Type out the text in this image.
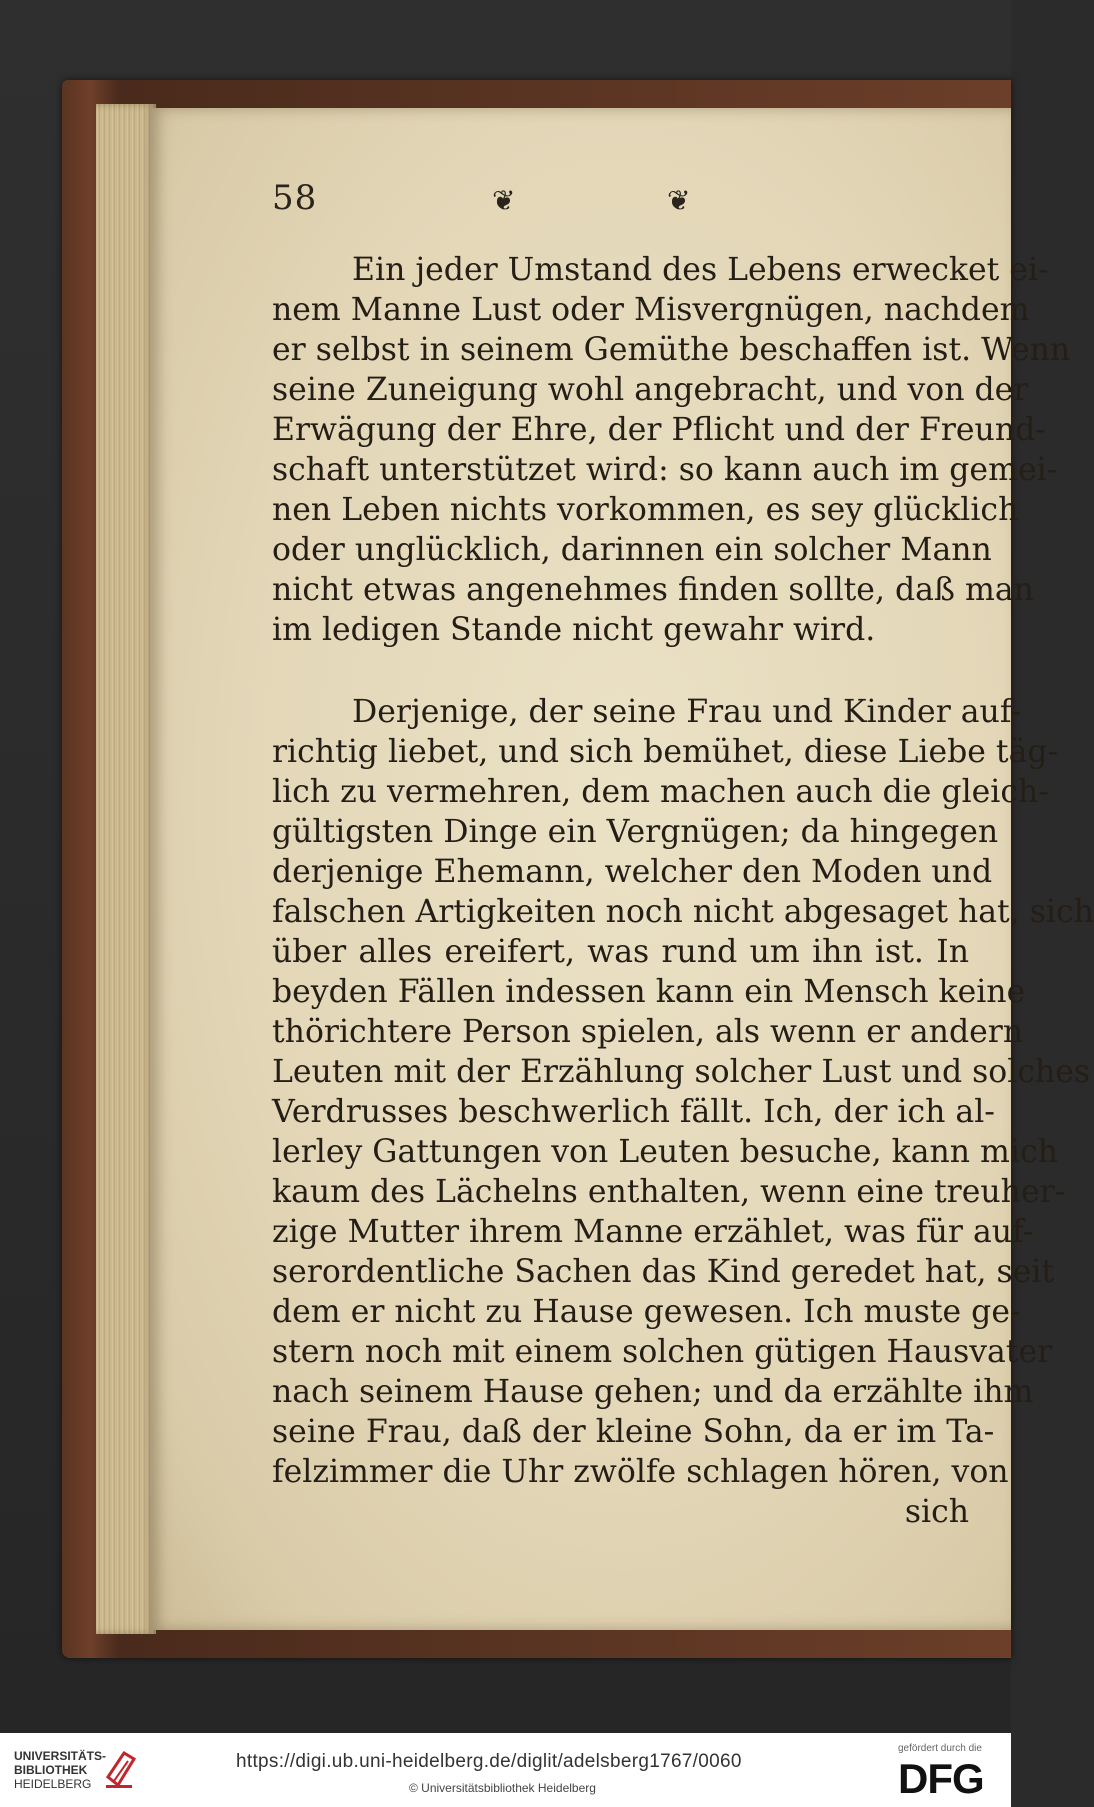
58	❦	❦

Ein jeder Umstand des Lebens erwecket ei-
nem Manne Lust oder Misvergnügen, nachdem
er selbst in seinem Gemüthe beschaffen ist. Wenn
seine Zuneigung wohl angebracht, und von der
Erwägung der Ehre, der Pflicht und der Freund-
schaft unterstützet wird: so kann auch im gemei-
nen Leben nichts vorkommen, es sey glücklich
oder unglücklich, darinnen ein solcher Mann
nicht etwas angenehmes finden sollte, daß man
im ledigen Stande nicht gewahr wird.

Derjenige, der seine Frau und Kinder auf-
richtig liebet, und sich bemühet, diese Liebe täg-
lich zu vermehren, dem machen auch die gleich-
gültigsten Dinge ein Vergnügen; da hingegen
derjenige Ehemann, welcher den Moden und
falschen Artigkeiten noch nicht abgesaget hat, sich
über alles ereifert, was rund um ihn ist. In
beyden Fällen indessen kann ein Mensch keine
thörichtere Person spielen, als wenn er andern
Leuten mit der Erzählung solcher Lust und solches
Verdrusses beschwerlich fällt. Ich, der ich al-
lerley Gattungen von Leuten besuche, kann mich
kaum des Lächelns enthalten, wenn eine treuher-
zige Mutter ihrem Manne erzählet, was für auf-
serordentliche Sachen das Kind geredet hat, seit
dem er nicht zu Hause gewesen. Ich muste ge-
stern noch mit einem solchen gütigen Hausvater
nach seinem Hause gehen; und da erzählte ihm
seine Frau, daß der kleine Sohn, da er im Ta-
felzimmer die Uhr zwölfe schlagen hören, von
sich

UNIVERSITÄTS-
BIBLIOTHEK
HEIDELBERG
https://digi.ub.uni-heidelberg.de/diglit/adelsberg1767/0060
© Universitätsbibliothek Heidelberg
gefördert durch die
DFG
